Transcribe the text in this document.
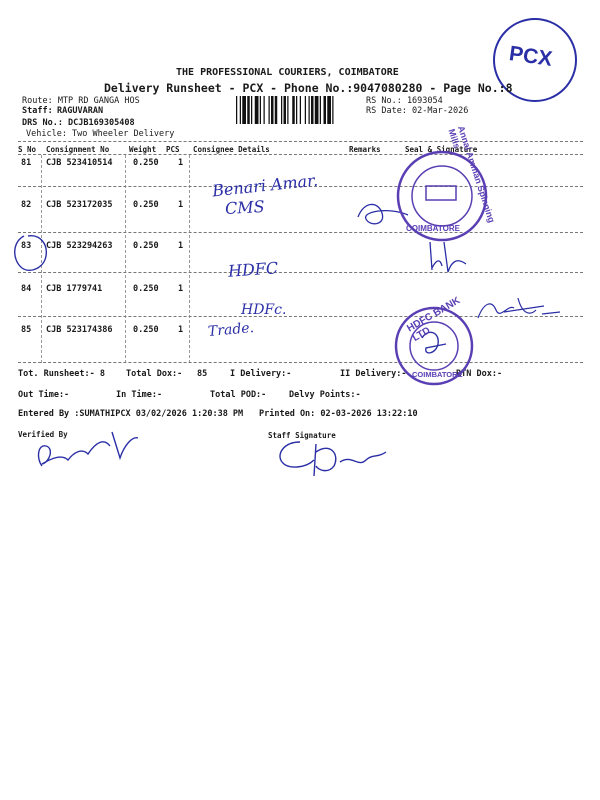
PCX
THE PROFESSIONAL COURIERS, COIMBATORE
Delivery Runsheet - PCX - Phone No.:9047080280 - Page No.:8
Route: MTP RD GANGA HOS
Staff: RAGUVARAN
DRS No.: DCJB169305408
Vehicle: Two Wheeler Delivery
RS No.: 1693054
RS Date: 02-Mar-2026
S No Consignment No	Weight PCS Consignee Details	Remarks	Seal & Signature
81 CJB 523410514 0.250 1
82 CJB 523172035 0.250 1
83 CJB 523294263 0.250 1
84 CJB 1779741	0.250 1
85 CJB 523174386 0.250 1
Tot. Runsheet:- 8 Total Dox:- 85	I Delivery:-	II Delivery:-	RTN Dox:-
Out Time:-	In Time:-	Total POD:-	Delvy Points:-
Entered By :SUMATHIPCX 03/02/2026 1:20:38 PM Printed On: 02-03-2026 13:22:10
Verified By	Staff Signature
Benari Amar.
CMS
HDFC
HDFc.
Trade.
Annai Amman Spinning Mills
COIMBATORE
HDFC BANK LTD
COIMBATORE
